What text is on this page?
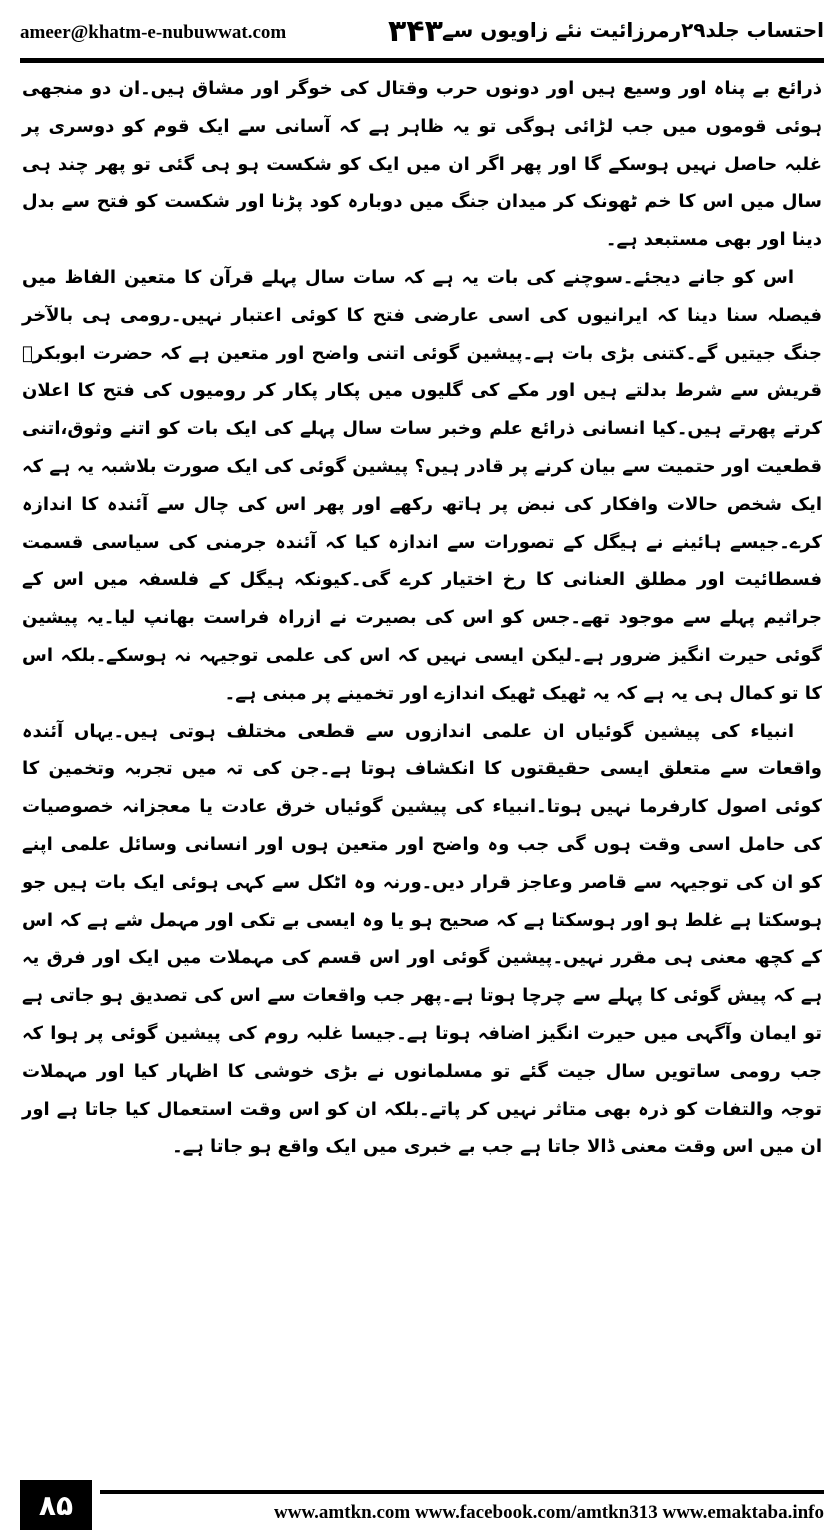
ameer@khatm-e-nubuwwat.com	۳۴۳ احتساب جلد۲۹رمرزائیت نئے زاویوں سے

ذرائع بے پناہ اور وسیع ہیں اور دونوں حرب وقتال کی خوگر اور مشاق ہیں۔ان دو منجھی ہوئی قوموں میں جب لڑائی ہوگی تو یہ ظاہر ہے کہ آسانی سے ایک قوم کو دوسری پر غلبہ حاصل نہیں ہوسکے گا اور پھر اگر ان میں ایک کو شکست ہو ہی گئی تو پھر چند ہی سال میں اس کا خم ٹھونک کر میدان جنگ میں دوبارہ کود پڑنا اور شکست کو فتح سے بدل دینا اور بھی مستبعد ہے۔

اس کو جانے دیجئے۔سوچنے کی بات یہ ہے کہ سات سال پہلے قرآن کا متعین الفاظ میں فیصلہ سنا دینا کہ ایرانیوں کی اسی عارضی فتح کا کوئی اعتبار نہیں۔رومی ہی بالآخر جنگ جیتیں گے۔کتنی بڑی بات ہے۔پیشین گوئی اتنی واضح اور متعین ہے کہ حضرت ابوبکرؓ قریش سے شرط بدلتے ہیں اور مکے کی گلیوں میں پکار پکار کر رومیوں کی فتح کا اعلان کرتے پھرتے ہیں۔کیا انسانی ذرائع علم وخبر سات سال پہلے کی ایک بات کو اتنے وثوق،اتنی قطعیت اور حتمیت سے بیان کرنے پر قادر ہیں؟ پیشین گوئی کی ایک صورت بلاشبہ یہ ہے کہ ایک شخص حالات وافکار کی نبض پر ہاتھ رکھے اور پھر اس کی چال سے آئندہ کا اندازہ کرے۔جیسے ہائینے نے ہیگل کے تصورات سے اندازہ کیا کہ آئندہ جرمنی کی سیاسی قسمت فسطائیت اور مطلق العنانی کا رخ اختیار کرے گی۔کیونکہ ہیگل کے فلسفہ میں اس کے جراثیم پہلے سے موجود تھے۔جس کو اس کی بصیرت نے ازراہ فراست بھانپ لیا۔یہ پیشین گوئی حیرت انگیز ضرور ہے۔لیکن ایسی نہیں کہ اس کی علمی توجیہہ نہ ہوسکے۔بلکہ اس کا تو کمال ہی یہ ہے کہ یہ ٹھیک ٹھیک اندازے اور تخمینے پر مبنی ہے۔

انبیاء کی پیشین گوئیاں ان علمی اندازوں سے قطعی مختلف ہوتی ہیں۔یہاں آئندہ واقعات سے متعلق ایسی حقیقتوں کا انکشاف ہوتا ہے۔جن کی تہ میں تجربہ وتخمین کا کوئی اصول کارفرما نہیں ہوتا۔انبیاء کی پیشین گوئیاں خرق عادت یا معجزانہ خصوصیات کی حامل اسی وقت ہوں گی جب وہ واضح اور متعین ہوں اور انسانی وسائل علمی اپنے کو ان کی توجیہہ سے قاصر وعاجز قرار دیں۔ورنہ وہ اٹکل سے کہی ہوئی ایک بات ہیں جو ہوسکتا ہے غلط ہو اور ہوسکتا ہے کہ صحیح ہو یا وہ ایسی بے تکی اور مہمل شے ہے کہ اس کے کچھ معنی ہی مقرر نہیں۔پیشین گوئی اور اس قسم کی مہملات میں ایک اور فرق یہ ہے کہ پیش گوئی کا پہلے سے چرچا ہوتا ہے۔پھر جب واقعات سے اس کی تصدیق ہو جاتی ہے تو ایمان وآگہی میں حیرت انگیز اضافہ ہوتا ہے۔جیسا غلبہ روم کی پیشین گوئی پر ہوا کہ جب رومی ساتویں سال جیت گئے تو مسلمانوں نے بڑی خوشی کا اظہار کیا اور مہملات توجہ والتفات کو ذرہ بھی متاثر نہیں کر پاتے۔بلکہ ان کو اس وقت استعمال کیا جاتا ہے اور ان میں اس وقت معنی ڈالا جاتا ہے جب بے خبری میں ایک واقع ہو جاتا ہے۔

۸۵	www.amtkn.com www.facebook.com/amtkn313 www.emaktaba.info
